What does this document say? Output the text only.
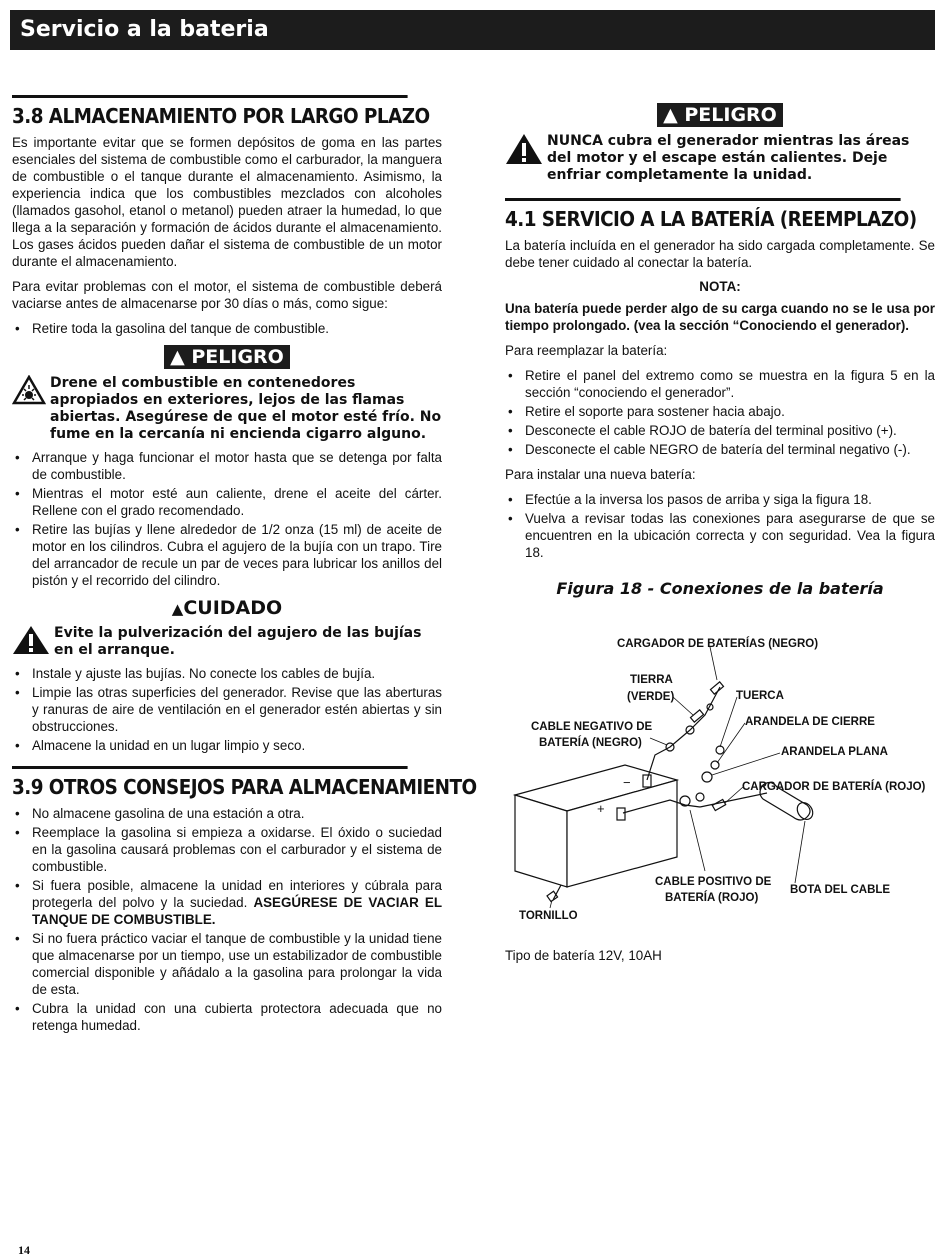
Servicio a la bateria
3.8 ALMACENAMIENTO POR LARGO PLAZO

Es importante evitar que se formen depósitos de goma en las partes esenciales del sistema de combustible como el carburador, la manguera de combustible o el tanque durante el almacenamiento. Asimismo, la experiencia indica que los combustibles mezclados con alcoholes (llamados gasohol, etanol o metanol) pueden atraer la humedad, lo que llega a la separación y formación de ácidos durante el almacenamiento. Los gases ácidos pueden dañar el sistema de combustible de un motor durante el almacenamiento.

Para evitar problemas con el motor, el sistema de combustible deberá vaciarse antes de almacenarse por 30 días o más, como sigue:

• Retire toda la gasolina del tanque de combustible.
▲ PELIGRO
Drene el combustible en contenedores apropiados en exteriores, lejos de las flamas abiertas. Asegúrese de que el motor esté frío. No fume en la cercanía ni encienda cigarro alguno.
• Arranque y haga funcionar el motor hasta que se detenga por falta de combustible.
• Mientras el motor esté aun caliente, drene el aceite del cárter. Rellene con el grado recomendado.
• Retire las bujías y llene alrededor de 1/2 onza (15 ml) de aceite de motor en los cilindros. Cubra el agujero de la bujía con un trapo. Tire del arrancador de recule un par de veces para lubricar los anillos del pistón y el recorrido del cilindro.
▲CUIDADO
Evite la pulverización del agujero de las bujías en el arranque.
• Instale y ajuste las bujías. No conecte los cables de bujía.
• Limpie las otras superficies del generador. Revise que las aberturas y ranuras de aire de ventilación en el generador estén abiertas y sin obstrucciones.
• Almacene la unidad en un lugar limpio y seco.
3.9 OTROS CONSEJOS PARA ALMACENAMIENTO
• No almacene gasolina de una estación a otra.
• Reemplace la gasolina si empieza a oxidarse. El óxido o suciedad en la gasolina causará problemas con el carburador y el sistema de combustible.
• Si fuera posible, almacene la unidad en interiores y cúbrala para protegerla del polvo y la suciedad. ASEGÚRESE DE VACIAR EL TANQUE DE COMBUSTIBLE.
• Si no fuera práctico vaciar el tanque de combustible y la unidad tiene que almacenarse por un tiempo, use un estabilizador de combustible comercial disponible y añádalo a la gasolina para prolongar la vida de esta.
• Cubra la unidad con una cubierta protectora adecuada que no retenga humedad.
▲ PELIGRO
NUNCA cubra el generador mientras las áreas del motor y el escape están calientes. Deje enfriar completamente la unidad.
4.1 SERVICIO A LA BATERÍA (REEMPLAZO)

La batería incluída en el generador ha sido cargada completamente. Se debe tener cuidado al conectar la batería.

NOTA:

Una batería puede perder algo de su carga cuando no se le usa por tiempo prolongado. (vea la sección “Conociendo el generador).

Para reemplazar la batería:

• Retire el panel del extremo como se muestra en la figura 5 en la sección “conociendo el generador”.
• Retire el soporte para sostener hacia abajo.
• Desconecte el cable ROJO de batería del terminal positivo (+).
• Desconecte el cable NEGRO de batería del terminal negativo (-).

Para instalar una nueva batería:

• Efectúe a la inversa los pasos de arriba y siga la figura 18.
• Vuelva a revisar todas las conexiones para asegurarse de que se encuentren en la ubicación correcta y con seguridad. Vea la figura 18.
Figura 18 - Conexiones de la batería
CARGADOR DE BATERÍAS (NEGRO)
TIERRA
(VERDE)	TUERCA
CABLE NEGATIVO DE
BATERÍA (NEGRO)
ARANDELA DE CIERRE
ARANDELA PLANA
CARGADOR DE BATERÍA (ROJO)
CABLE POSITIVO DE
BATERÍA (ROJO)
BOTA DEL CABLE
TORNILLO
−
+
Tipo de batería 12V, 10AH
14
